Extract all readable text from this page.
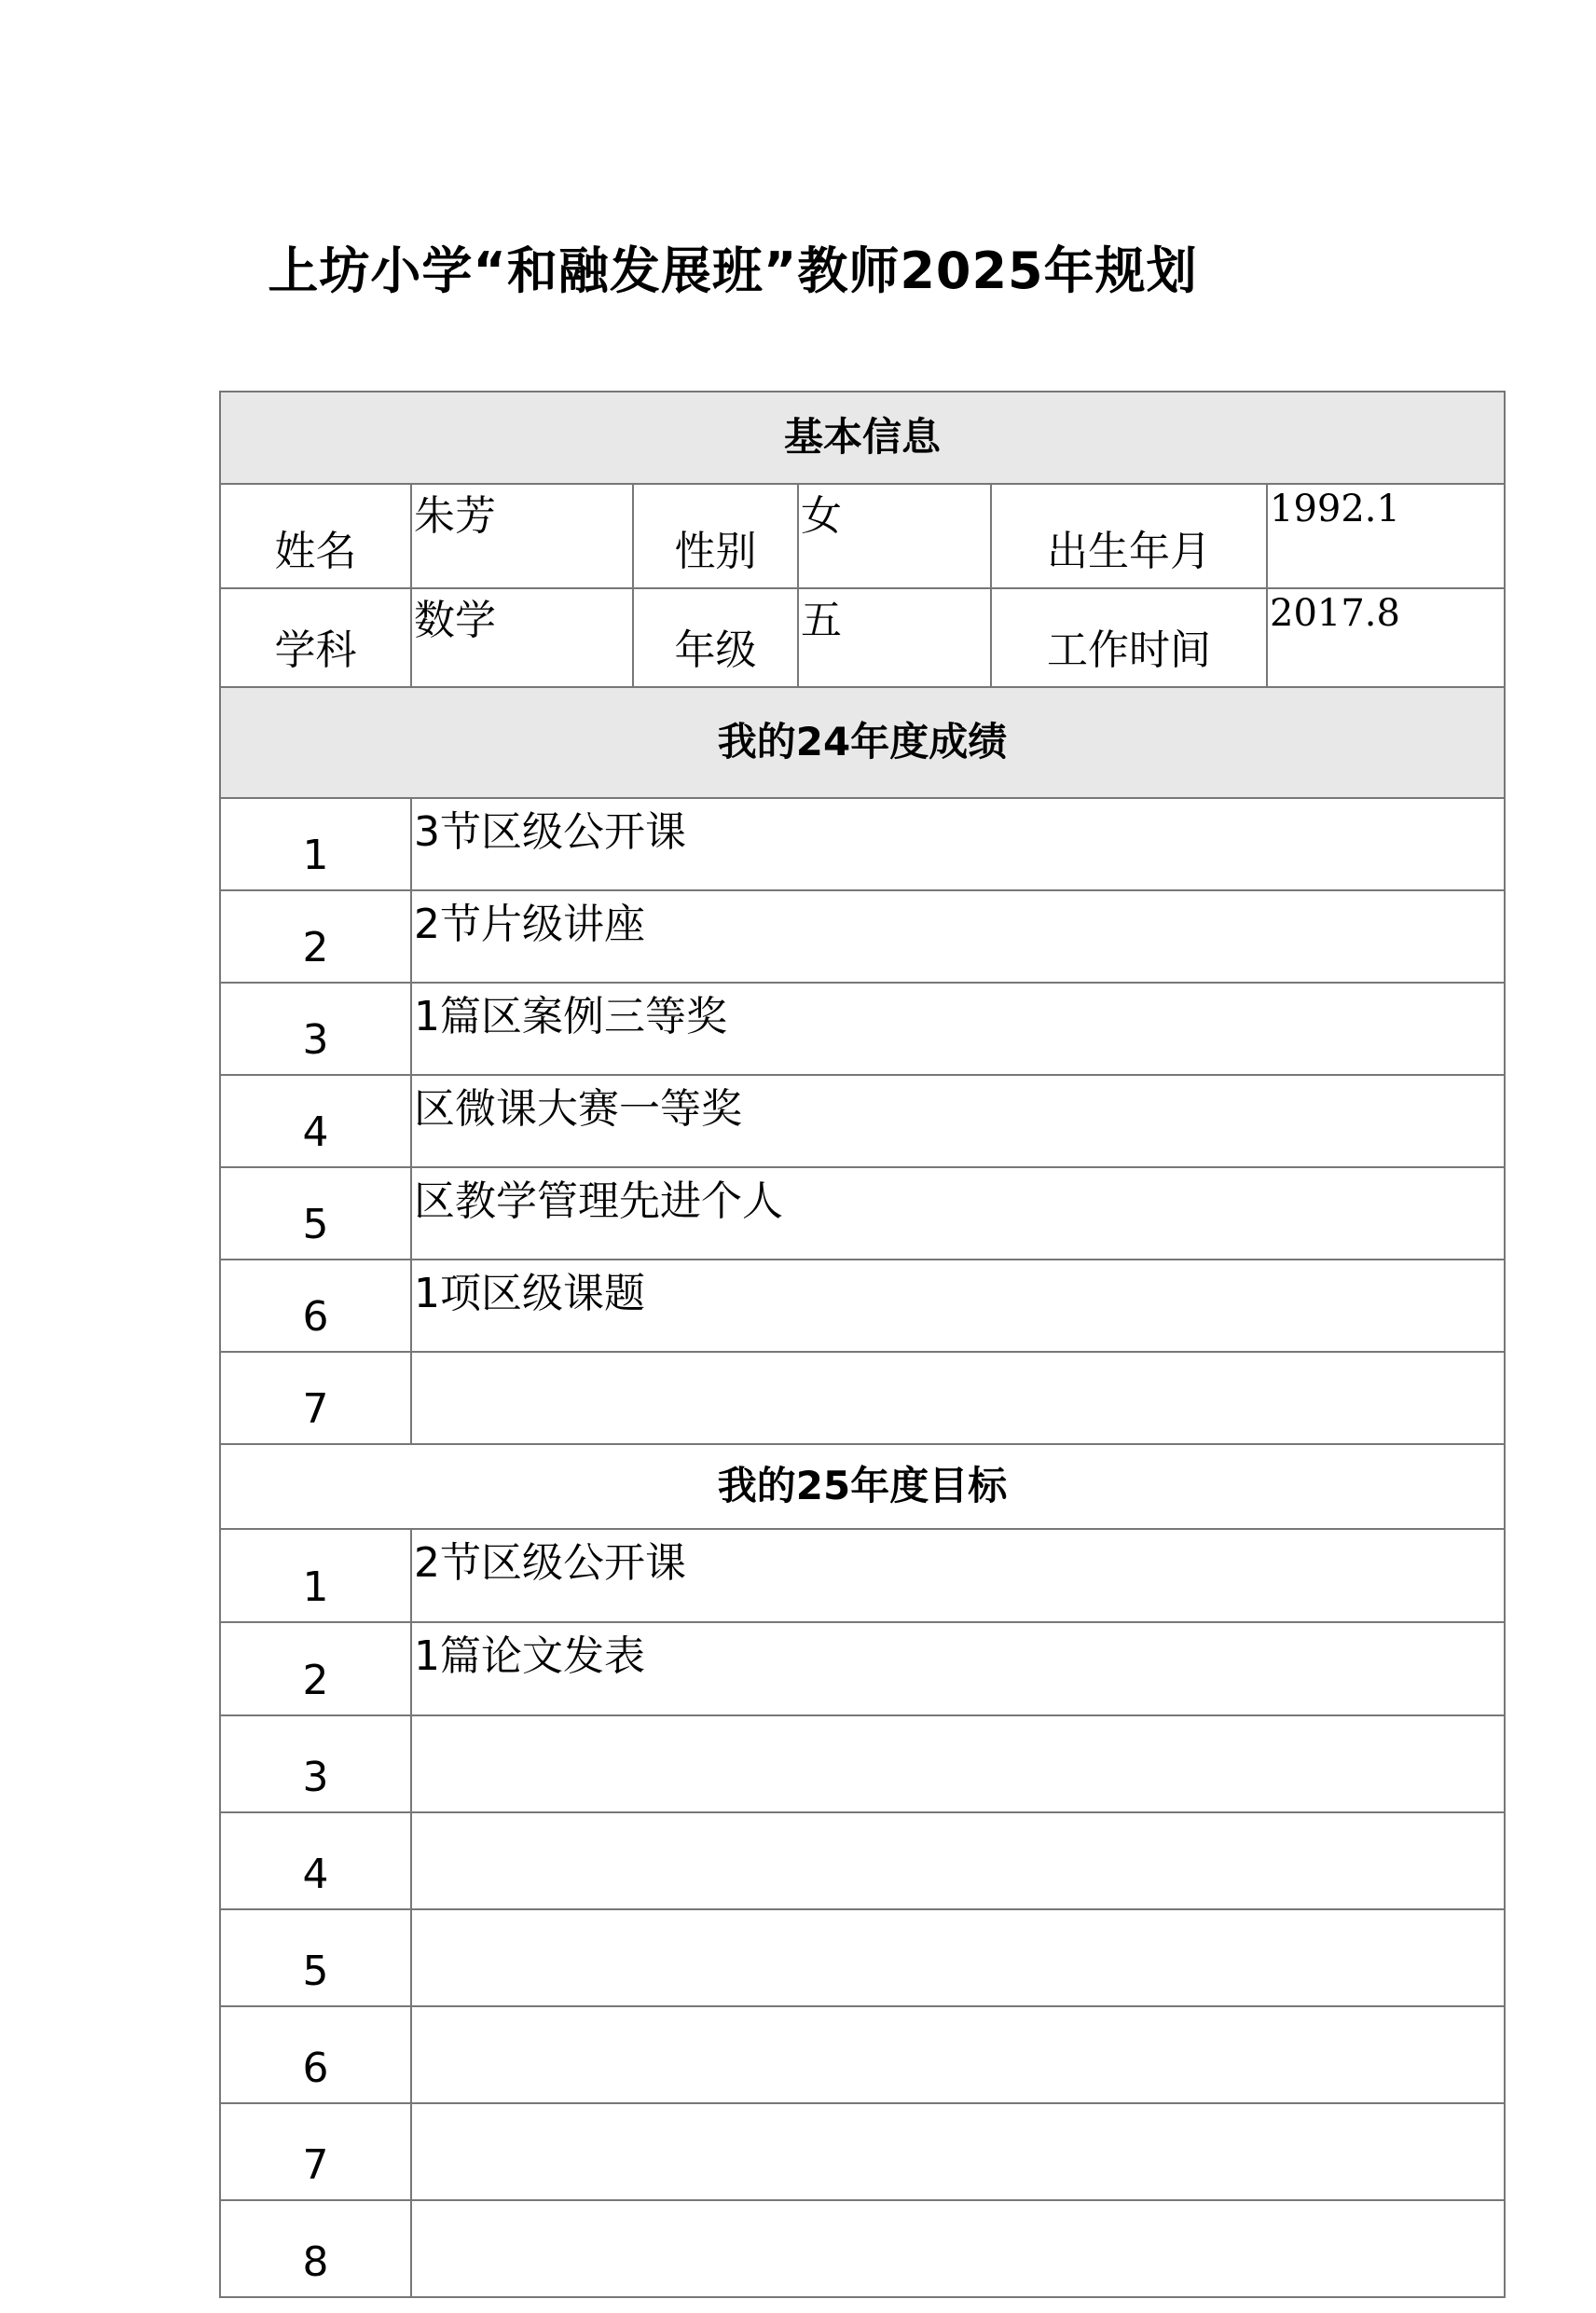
上坊小学“和融发展班”教师2025年规划
基本信息					
姓名	朱芳	性别	女	出生年月	1992.1
学科	数学	年级	五	工作时间	2017.8
我的24年度成绩					
1	3节区级公开课				
2	2节片级讲座				
3	1篇区案例三等奖				
4	区微课大赛一等奖				
5	区教学管理先进个人				
6	1项区级课题				
7					
我的25年度目标					
1	2节区级公开课				
2	1篇论文发表				
3					
4					
5					
6					
7					
8					
